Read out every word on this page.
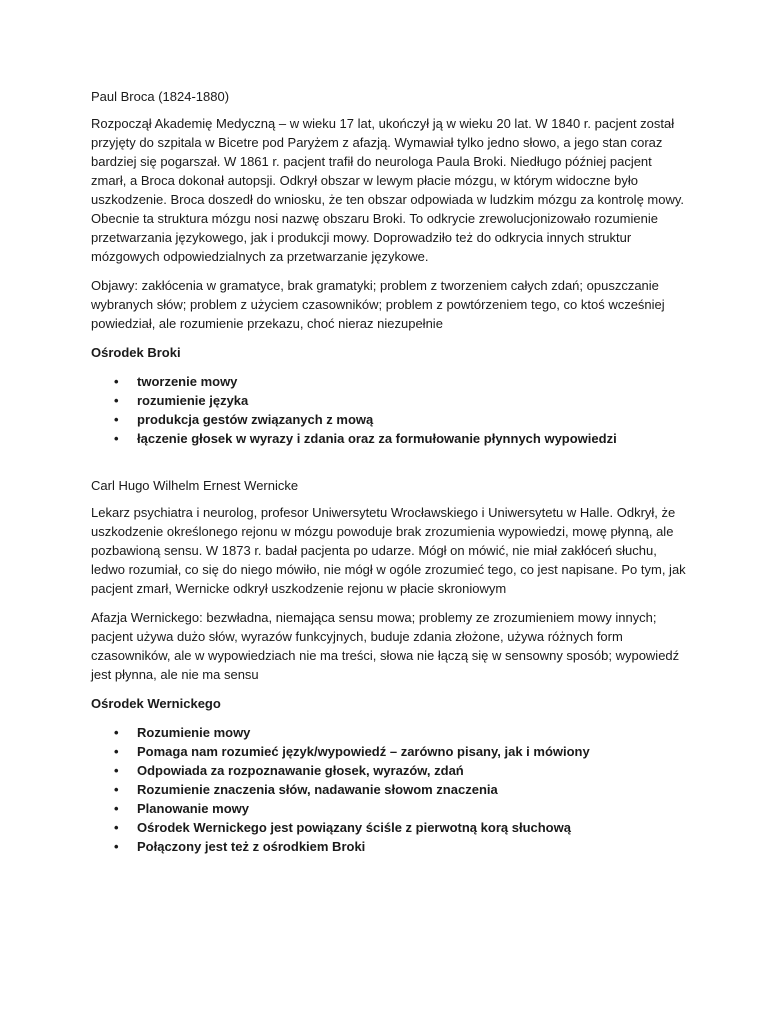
Paul Broca (1824-1880)

Rozpoczął Akademię Medyczną – w wieku 17 lat, ukończył ją w wieku 20 lat. W 1840 r. pacjent został przyjęty do szpitala w Bicetre pod Paryżem z afazją. Wymawiał tylko jedno słowo, a jego stan coraz bardziej się pogarszał. W 1861 r. pacjent trafił do neurologa Paula Broki. Niedługo później pacjent zmarł, a Broca dokonał autopsji. Odkrył obszar w lewym płacie mózgu, w którym widoczne było uszkodzenie. Broca doszedł do wniosku, że ten obszar odpowiada w ludzkim mózgu za kontrolę mowy. Obecnie ta struktura mózgu nosi nazwę obszaru Broki. To odkrycie zrewolucjonizowało rozumienie przetwarzania językowego, jak i produkcji mowy. Doprowadziło też do odkrycia innych struktur mózgowych odpowiedzialnych za przetwarzanie językowe.

Objawy: zakłócenia w gramatyce, brak gramatyki; problem z tworzeniem całych zdań; opuszczanie wybranych słów; problem z użyciem czasowników; problem z powtórzeniem tego, co ktoś wcześniej powiedział, ale rozumienie przekazu, choć nieraz niezupełnie

Ośrodek Broki

• tworzenie mowy
• rozumienie języka
• produkcja gestów związanych z mową
• łączenie głosek w wyrazy i zdania oraz za formułowanie płynnych wypowiedzi

Carl Hugo Wilhelm Ernest Wernicke

Lekarz psychiatra i neurolog, profesor Uniwersytetu Wrocławskiego i Uniwersytetu w Halle. Odkrył, że uszkodzenie określonego rejonu w mózgu powoduje brak zrozumienia wypowiedzi, mowę płynną, ale pozbawioną sensu. W 1873 r. badał pacjenta po udarze. Mógł on mówić, nie miał zakłóceń słuchu, ledwo rozumiał, co się do niego mówiło, nie mógł w ogóle zrozumieć tego, co jest napisane. Po tym, jak pacjent zmarł, Wernicke odkrył uszkodzenie rejonu w płacie skroniowym

Afazja Wernickego: bezwładna, niemająca sensu mowa; problemy ze zrozumieniem mowy innych; pacjent używa dużo słów, wyrazów funkcyjnych, buduje zdania złożone, używa różnych form czasowników, ale w wypowiedziach nie ma treści, słowa nie łączą się w sensowny sposób; wypowiedź jest płynna, ale nie ma sensu

Ośrodek Wernickego

• Rozumienie mowy
• Pomaga nam rozumieć język/wypowiedź – zarówno pisany, jak i mówiony
• Odpowiada za rozpoznawanie głosek, wyrazów, zdań
• Rozumienie znaczenia słów, nadawanie słowom znaczenia
• Planowanie mowy
• Ośrodek Wernickego jest powiązany ściśle z pierwotną korą słuchową
• Połączony jest też z ośrodkiem Broki
